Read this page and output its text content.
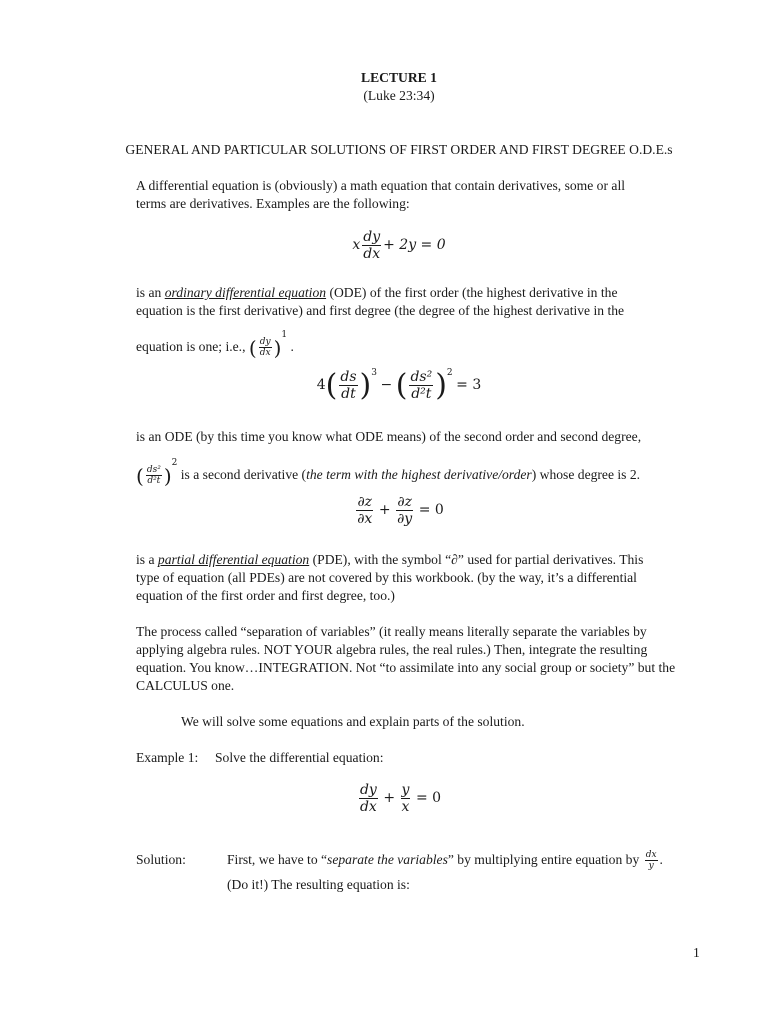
LECTURE 1
(Luke 23:34)
GENERAL AND PARTICULAR SOLUTIONS OF FIRST ORDER AND FIRST DEGREE O.D.E.s
A differential equation is (obviously) a math equation that contain derivatives, some or all
terms are derivatives. Examples are the following:
x $\frac{dy}{dx} + 2y = 0$
is an ordinary differential equation (ODE) of the first order (the highest derivative in the
equation is the first derivative) and first degree (the degree of the highest derivative in the
equation is one; i.e., ( $\frac{dy}{dx} )^1$ .
$4( \frac{ds}{dt} )^3$ − ( $\frac{\text{ds²}}{\text{d²t}} )^2 = 3$
is an ODE (by this time you know what ODE means) of the second order and second degree,
( $\frac{\text{ds²}}{\text{d²t}} )^2$ is a second derivative (the term with the highest derivative/order) whose degree is 2.
$\frac{\partial z}{\partial x} + \frac{\partial z}{\partial y} = 0$
is a partial differential equation (PDE), with the symbol “∂” used for partial derivatives. This
type of equation (all PDEs) are not covered by this workbook. (by the way, it’s a differential
equation of the first order and first degree, too.)
The process called “separation of variables” (it really means literally separate the variables by
applying algebra rules. NOT YOUR algebra rules, the real rules.) Then, integrate the resulting
equation. You know…INTEGRATION. Not “to assimilate into any social group or society” but the
CALCULUS one.
We will solve some equations and explain parts of the solution.
Example 1: Solve the differential equation:
$\frac{dy}{dx} + \frac{y}{x} = 0$
Solution:	First, we have to “separate the variables” by multiplying entire equation by $\frac{dx}{y}$ .
(Do it!) The resulting equation is:
1
